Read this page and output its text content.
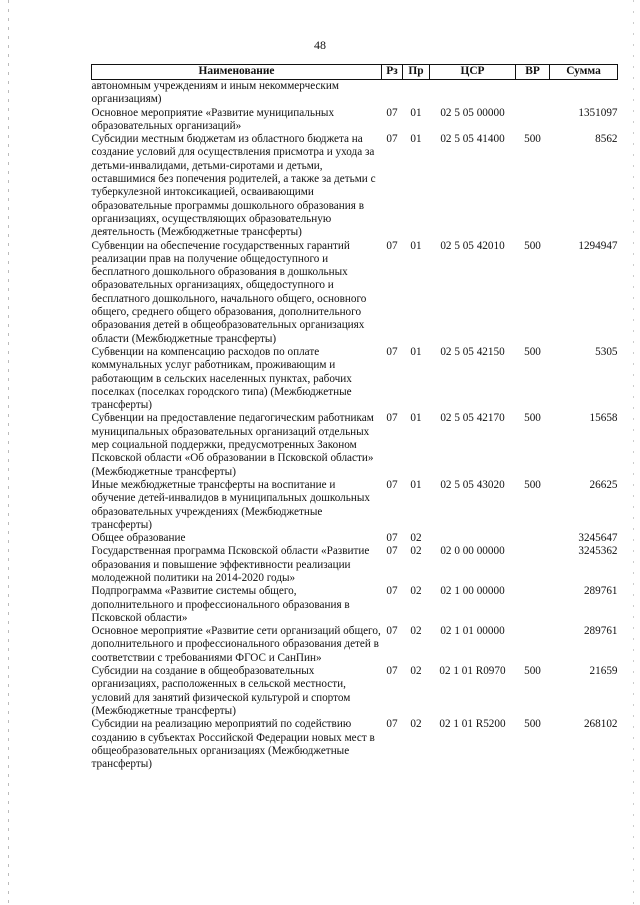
48
Наименование	Рз	Пр	ЦСР	ВР	Сумма
автономным учреждениям и иным некоммерческим организациям)					
Основное мероприятие «Развитие муниципальных образовательных организаций»	07	01	02 5 05 00000		1351097
Субсидии местным бюджетам из областного бюджета на создание условий для осуществления присмотра и ухода за детьми-инвалидами, детьми-сиротами и детьми, оставшимися без попечения родителей, а также за детьми с туберкулезной интоксикацией, осваивающими образовательные программы дошкольного образования в организациях, осуществляющих образовательную деятельность (Межбюджетные трансферты)	07	01	02 5 05 41400	500	8562
Субвенции на обеспечение государственных гарантий реализации прав на получение общедоступного и бесплатного дошкольного образования в дошкольных образовательных организациях, общедоступного и бесплатного дошкольного, начального общего, основного общего, среднего общего образования, дополнительного образования детей в общеобразовательных организациях области (Межбюджетные трансферты)	07	01	02 5 05 42010	500	1294947
Субвенции на компенсацию расходов по оплате коммунальных услуг работникам, проживающим и работающим в сельских населенных пунктах, рабочих поселках (поселках городского типа) (Межбюджетные трансферты)	07	01	02 5 05 42150	500	5305
Субвенции на предоставление педагогическим работникам муниципальных образовательных организаций отдельных мер социальной поддержки, предусмотренных Законом Псковской области «Об образовании в Псковской области» (Межбюджетные трансферты)	07	01	02 5 05 42170	500	15658
Иные межбюджетные трансферты на воспитание и обучение детей-инвалидов в муниципальных дошкольных образовательных учреждениях (Межбюджетные трансферты)	07	01	02 5 05 43020	500	26625
Общее образование	07	02			3245647
Государственная программа Псковской области «Развитие образования и повышение эффективности реализации молодежной политики на 2014-2020 годы»	07	02	02 0 00 00000		3245362
Подпрограмма «Развитие системы общего, дополнительного и профессионального образования в Псковской области»	07	02	02 1 00 00000		289761
Основное мероприятие «Развитие сети организаций общего, дополнительного и профессионального образования детей в соответствии с требованиями ФГОС и СанПин»	07	02	02 1 01 00000		289761
Субсидии на создание в общеобразовательных организациях, расположенных в сельской местности, условий для занятий физической культурой и спортом (Межбюджетные трансферты)	07	02	02 1 01 R0970	500	21659
Субсидии на реализацию мероприятий по содействию созданию в субъектах Российской Федерации новых мест в общеобразовательных организациях (Межбюджетные трансферты)	07	02	02 1 01 R5200	500	268102
